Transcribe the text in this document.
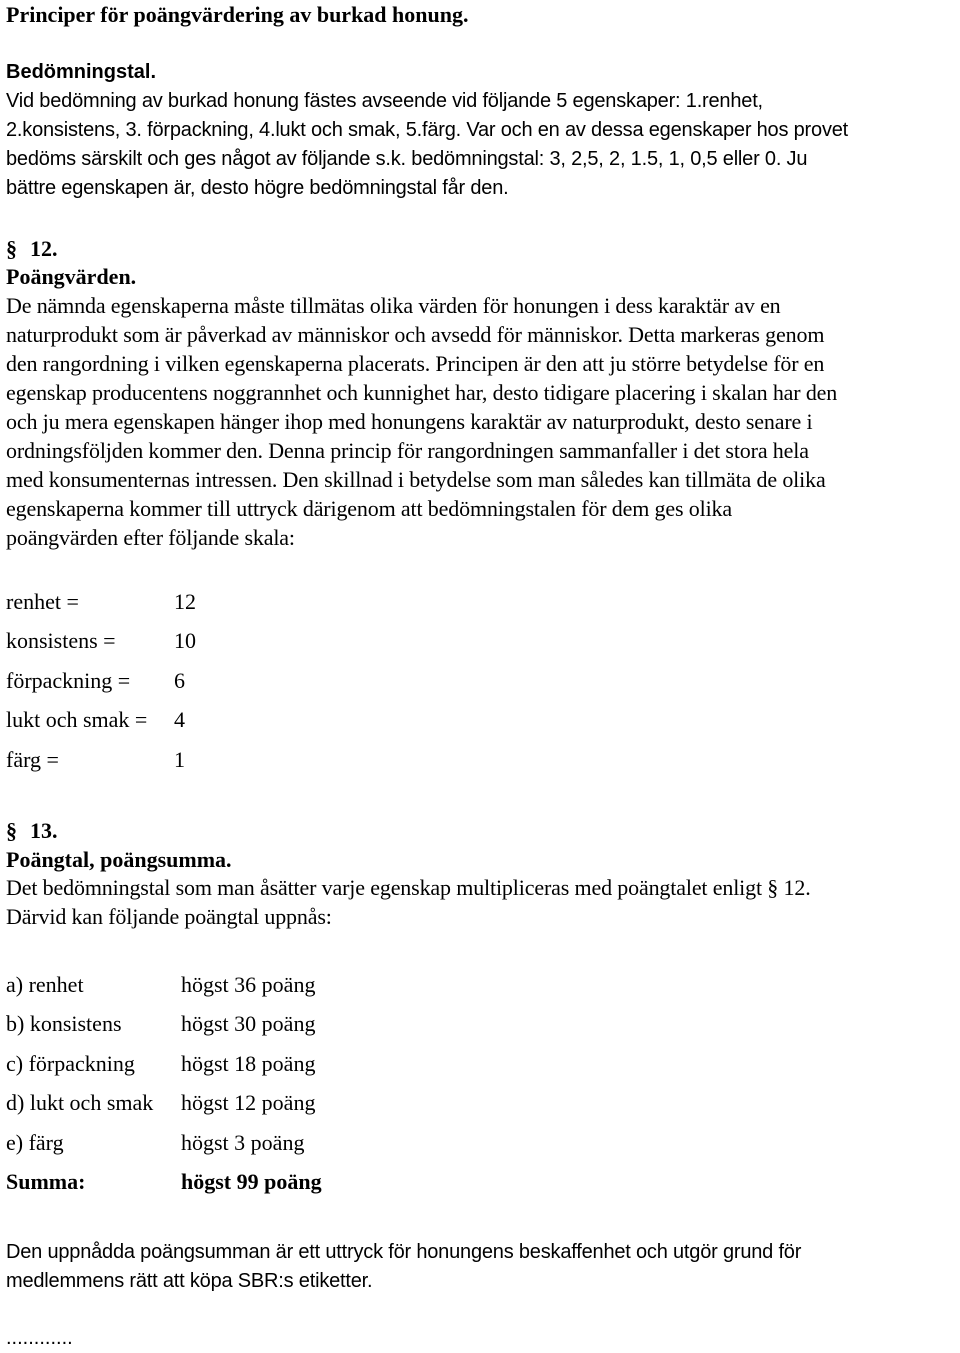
Principer för poängvärdering av burkad honung.
Bedömningstal.
Vid bedömning av burkad honung fästes avseende vid följande 5 egenskaper: 1.renhet,
2.konsistens, 3. förpackning, 4.lukt och smak, 5.färg. Var och en av dessa egenskaper hos provet
bedöms särskilt och ges något av följande s.k. bedömningstal: 3, 2,5, 2, 1.5, 1, 0,5 eller 0. Ju
bättre egenskapen är, desto högre bedömningstal får den.
§ 12.
Poängvärden.
De nämnda egenskaperna måste tillmätas olika värden för honungen i dess karaktär av en
naturprodukt som är påverkad av människor och avsedd för människor. Detta markeras genom
den rangordning i vilken egenskaperna placerats. Principen är den att ju större betydelse för en
egenskap producentens noggrannhet och kunnighet har, desto tidigare placering i skalan har den
och ju mera egenskapen hänger ihop med honungens karaktär av naturprodukt, desto senare i
ordningsföljden kommer den. Denna princip för rangordningen sammanfaller i det stora hela
med konsumenternas intressen. Den skillnad i betydelse som man således kan tillmäta de olika
egenskaperna kommer till uttryck därigenom att bedömningstalen för dem ges olika
poängvärden efter följande skala:
renhet =	12
konsistens =	10
förpackning =	6
lukt och smak =	4
färg =	1
§ 13.
Poängtal, poängsumma.
Det bedömningstal som man åsätter varje egenskap multipliceras med poängtalet enligt § 12.
Därvid kan följande poängtal uppnås:
a) renhet	högst 36 poäng
b) konsistens	högst 30 poäng
c) förpackning	högst 18 poäng
d) lukt och smak	högst 12 poäng
e) färg	högst 3 poäng
Summa:	högst 99 poäng
Den uppnådda poängsumman är ett uttryck för honungens beskaffenhet och utgör grund för
medlemmens rätt att köpa SBR:s etiketter.
............
